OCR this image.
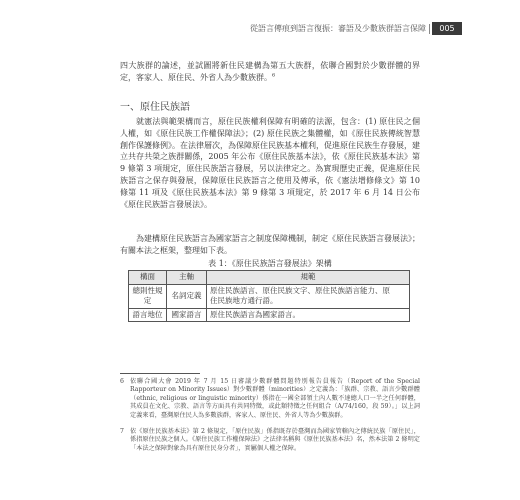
從語言傳痕到語言復振：審語及少數族群語言保障	005

四大族群的論述，並試圖將新住民建構為第五大族群，依聯合國對於少數群體的界定，客家人、原住民、外省人為少數族群。$^6$

一、原住民族語

就憲法與範架構而言，原住民族權利保障有明確的法源，包含：(1) 原住民之個人權，如《原住民族工作權保障法》；(2) 原住民族之集體權，如《原住民族傳統智慧創作保護條例》。在法律層次，為保障原住民族基本權利，促進原住民族生存發展，建立共存共榮之族群關係，2005 年公布《原住民族基本法》，依《原住民族基本法》第 9 條第 3 項規定，原住民族語言發展，另以法律定之。為實現歷史正義，促進原住民族語言之保存與發展，保障原住民族語言之使用及傳承，依《憲法增修條文》第 10 條第 11 項及《原住民族基本法》第 9 條第 3 項規定，於 2017 年 6 月 14 日公布《原住民族語言發展法》。

為建構原住民族語言為國家語言之制度保障機制，制定《原住民族語言發展法》；有關本法之框架，整理如下表。

表 1：《原住民族語言發展法》架構
構面	主軸	規範
總則性規定	名詞定義	原住民族語言、原住民族文字、原住民族語言能力、原
住民族地方通行語。
語言地位	國家語言	原住民族語言為國家語言。
6 依聯合國大會 2019 年 7 月 15 日審議少數群體問題特別報告員報告（Report of the Special Rapporteur on Minority Issues）對少數群體（minorities）之定義為：「族群、宗教、語言少數群體（ethnic, religious or linguistic minority）係指在一國全部領土內人數不達總人口一半之任何群體，其成員在文化、宗教、語言等方面具有共同特徵，或此類特徵之任何組合（A/74/160，段 59）。」以上詞定義來看，臺灣原住民人為多數族群，客家人、原住民、外省人等為少數族群。
7 依《原住民族基本法》第 2 條規定，「原住民族」係指既存於臺灣而為國家管轄內之傳統民族「原住民」，係指原住民族之個人。《原住民族工作權保障法》之法律名稱與《原住民族基本法》名，然本法第 2 條明定「本法之保障對象為具有原住民身分者」，實屬個人權之保障。
